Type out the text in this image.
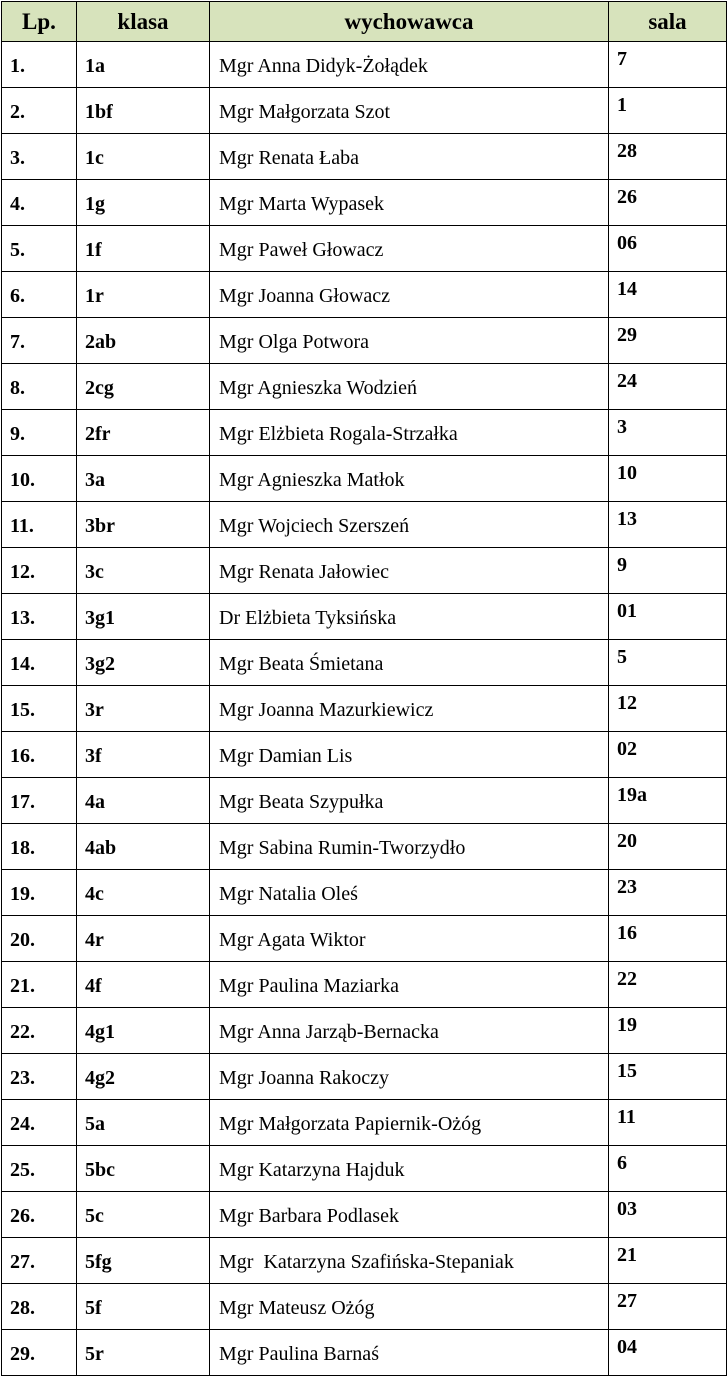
Lp.	klasa	wychowawca	sala
1.	1a	Mgr Anna Didyk-Żołądek	7
2.	1bf	Mgr Małgorzata Szot	1
3.	1c	Mgr Renata Łaba	28
4.	1g	Mgr Marta Wypasek	26
5.	1f	Mgr Paweł Głowacz	06
6.	1r	Mgr Joanna Głowacz	14
7.	2ab	Mgr Olga Potwora	29
8.	2cg	Mgr Agnieszka Wodzień	24
9.	2fr	Mgr Elżbieta Rogala-Strzałka	3
10.	3a	Mgr Agnieszka Matłok	10
11.	3br	Mgr Wojciech Szerszeń	13
12.	3c	Mgr Renata Jałowiec	9
13.	3g1	Dr Elżbieta Tyksińska	01
14.	3g2	Mgr Beata Śmietana	5
15.	3r	Mgr Joanna Mazurkiewicz	12
16.	3f	Mgr Damian Lis	02
17.	4a	Mgr Beata Szypułka	19a
18.	4ab	Mgr Sabina Rumin-Tworzydło	20
19.	4c	Mgr Natalia Oleś	23
20.	4r	Mgr Agata Wiktor	16
21.	4f	Mgr Paulina Maziarka	22
22.	4g1	Mgr Anna Jarząb-Bernacka	19
23.	4g2	Mgr Joanna Rakoczy	15
24.	5a	Mgr Małgorzata Papiernik-Ożóg	11
25.	5bc	Mgr Katarzyna Hajduk	6
26.	5c	Mgr Barbara Podlasek	03
27.	5fg	Mgr  Katarzyna Szafińska-Stepaniak	21
28.	5f	Mgr Mateusz Ożóg	27
29.	5r	Mgr Paulina Barnaś	04
